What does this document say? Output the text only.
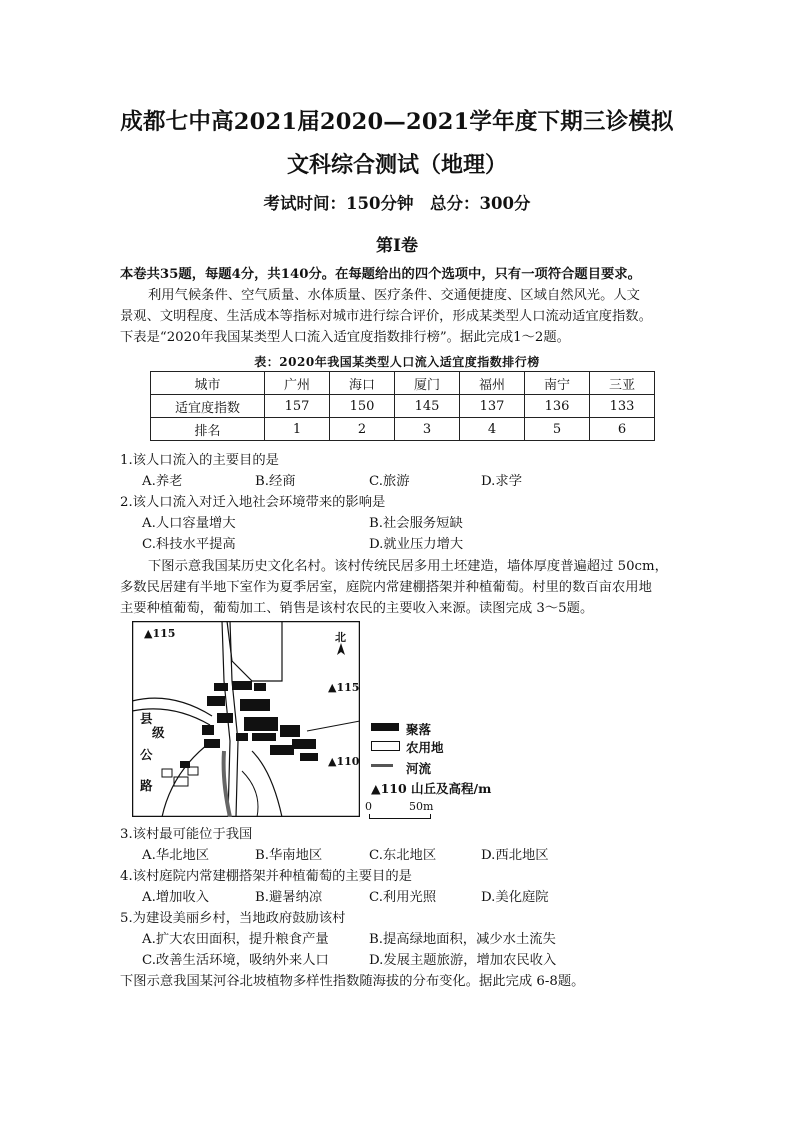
成都七中高2021届2020—2021学年度下期三诊模拟
文科综合测试（地理）
考试时间：150分钟　总分：300分
第Ⅰ卷
本卷共35题，每题4分，共140分。在每题给出的四个选项中，只有一项符合题目要求。
利用气候条件、空气质量、水体质量、医疗条件、交通便捷度、区域自然风光。人文
景观、文明程度、生活成本等指标对城市进行综合评价，形成某类型人口流动适宜度指数。
下表是“2020年我国某类型人口流入适宜度指数排行榜”。据此完成1～2题。
表：2020年我国某类型人口流入适宜度指数排行榜
城市	广州	海口	厦门	福州	南宁	三亚
适宜度指数	157	150	145	137	136	133
排名	1	2	3	4	5	6
1.该人口流入的主要目的是
A.养老	B.经商	C.旅游	D.求学
2.该人口流入对迁入地社会环境带来的影响是
A.人口容量增大	B.社会服务短缺
C.科技水平提高	D.就业压力增大
下图示意我国某历史文化名村。该村传统民居多用土坯建造，墙体厚度普遍超过 50cm，
多数民居建有半地下室作为夏季居室，庭院内常建棚搭架并种植葡萄。村里的数百亩农用地
主要种植葡萄，葡萄加工、销售是该村农民的主要收入来源。读图完成 3～5题。
▲115	北
▲115
▲110
县
级
公
路
聚落
农用地
河流
▲110 山丘及高程/m
0	50m
3.该村最可能位于我国
A.华北地区	B.华南地区	C.东北地区	D.西北地区
4.该村庭院内常建棚搭架并种植葡萄的主要目的是
A.增加收入	B.避暑纳凉	C.利用光照	D.美化庭院
5.为建设美丽乡村，当地政府鼓励该村
A.扩大农田面积，提升粮食产量	B.提高绿地面积，减少水土流失
C.改善生活环境，吸纳外来人口	D.发展主题旅游，增加农民收入
下图示意我国某河谷北坡植物多样性指数随海拔的分布变化。据此完成 6-8题。
